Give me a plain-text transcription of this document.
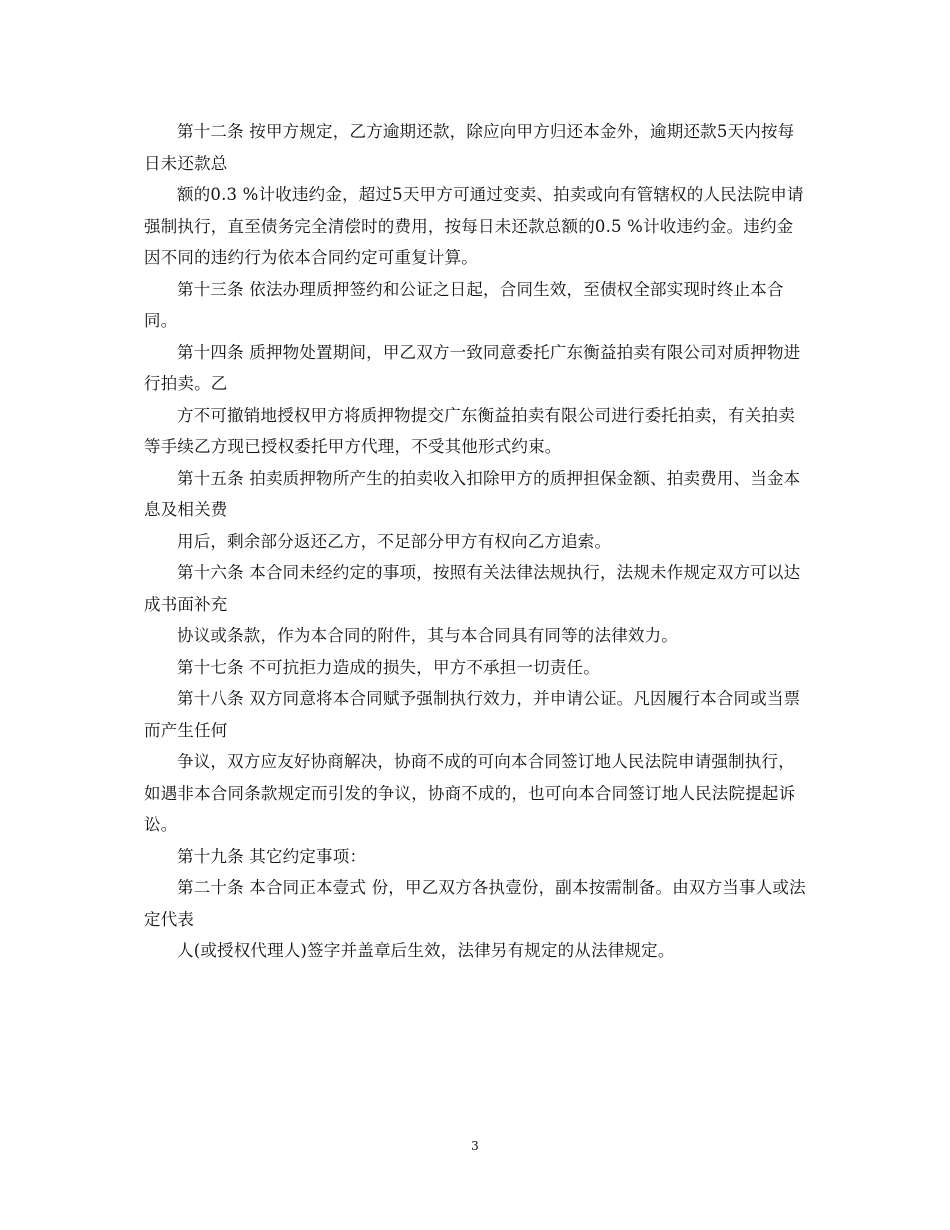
第十二条 按甲方规定，乙方逾期还款，除应向甲方归还本金外，逾期还款5天内按每日未还款总

额的0.3 %计收违约金，超过5天甲方可通过变卖、拍卖或向有管辖权的人民法院申请强制执行，直至债务完全清偿时的费用，按每日未还款总额的0.5 %计收违约金。违约金因不同的违约行为依本合同约定可重复计算。

第十三条 依法办理质押签约和公证之日起，合同生效，至债权全部实现时终止本合同。

第十四条 质押物处置期间，甲乙双方一致同意委托广东衡益拍卖有限公司对质押物进行拍卖。乙

方不可撤销地授权甲方将质押物提交广东衡益拍卖有限公司进行委托拍卖，有关拍卖等手续乙方现已授权委托甲方代理，不受其他形式约束。

第十五条 拍卖质押物所产生的拍卖收入扣除甲方的质押担保金额、拍卖费用、当金本息及相关费

用后，剩余部分返还乙方，不足部分甲方有权向乙方追索。

第十六条 本合同未经约定的事项，按照有关法律法规执行，法规未作规定双方可以达成书面补充

协议或条款，作为本合同的附件，其与本合同具有同等的法律效力。

第十七条 不可抗拒力造成的损失，甲方不承担一切责任。

第十八条 双方同意将本合同赋予强制执行效力，并申请公证。凡因履行本合同或当票而产生任何

争议，双方应友好协商解决，协商不成的可向本合同签订地人民法院申请强制执行，如遇非本合同条款规定而引发的争议，协商不成的，也可向本合同签订地人民法院提起诉讼。

第十九条 其它约定事项：

第二十条 本合同正本壹式 份，甲乙双方各执壹份，副本按需制备。由双方当事人或法定代表

人(或授权代理人)签字并盖章后生效，法律另有规定的从法律规定。

3
